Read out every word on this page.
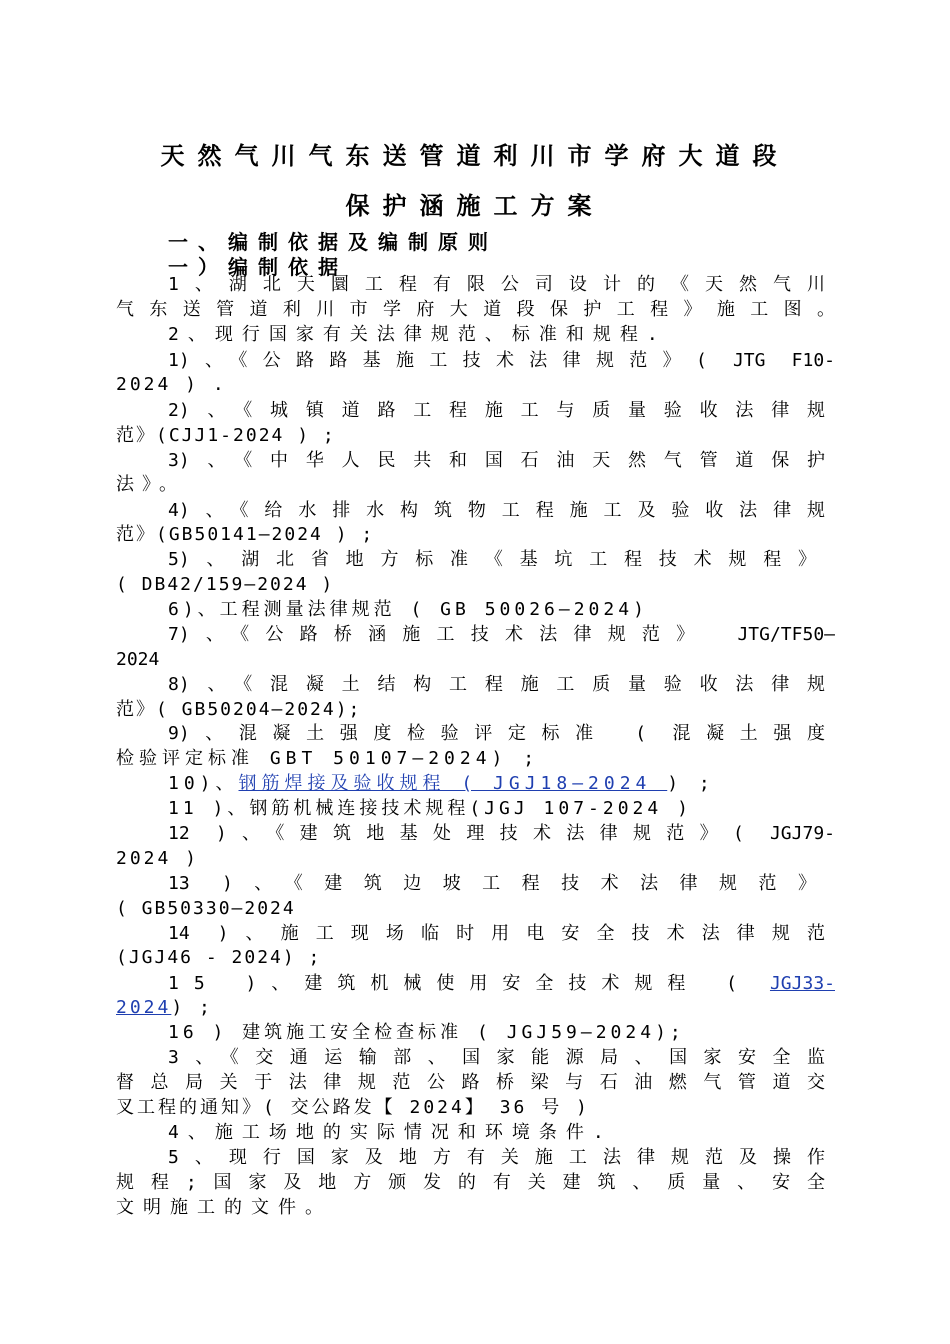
天然气川气东送管道利川市学府大道段
保护涵施工方案
一、编制依据及编制原则
一）编制依据
1、湖北天圜工程有限公司设计的《天然气川
气东送管道利川市学府大道段保护工程》施工图。
2、现行国家有关法律规范、标准和规程.
1)、《公路路基施工技术法律规范》( JTG F10-
2024 ) .
2)、《城镇道路工程施工与质量验收法律规
范》(CJJ1-2024 ) ;
3)、《中华人民共和国石油天然气管道保护
法》。
4)、《给水排水构筑物工程施工及验收法律规
范》(GB50141—2024 ) ;
5)、湖北省地方标准《基坑工程技术规程》
( DB42/159—2024 )
6)、工程测量法律规范 ( GB 50026—2024)
7)、《公路桥涵施工技术法律规范》 JTG/TF50—
2024
8)、《混凝土结构工程施工质量验收法律规
范》( GB50204—2024);
9)、混凝土强度检验评定标准 ( 混凝土强度
检验评定标准 GBT 50107—2024) ;
10)、钢筋焊接及验收规程 ( JGJ18—2024 ) ;
11 )、钢筋机械连接技术规程(JGJ 107-2024 )
12 )、《建筑地基处理技术法律规范》( JGJ79-
2024 )
13 )、《建筑边坡工程技术法律规范》
( GB50330—2024
14 )、施工现场临时用电安全技术法律规范
(JGJ46 - 2024) ;
15 )、建筑机械使用安全技术规程 ( JGJ33-
2024) ;
16 ) 建筑施工安全检查标准 ( JGJ59—2024);
3、《交通运输部、国家能源局、国家安全监
督总局关于法律规范公路桥梁与石油燃气管道交
叉工程的通知》( 交公路发【 2024】 36 号 )
4、施工场地的实际情况和环境条件.
5、现行国家及地方有关施工法律规范及操作
规程;国家及地方颁发的有关建筑、质量、安全
文明施工的文件。
